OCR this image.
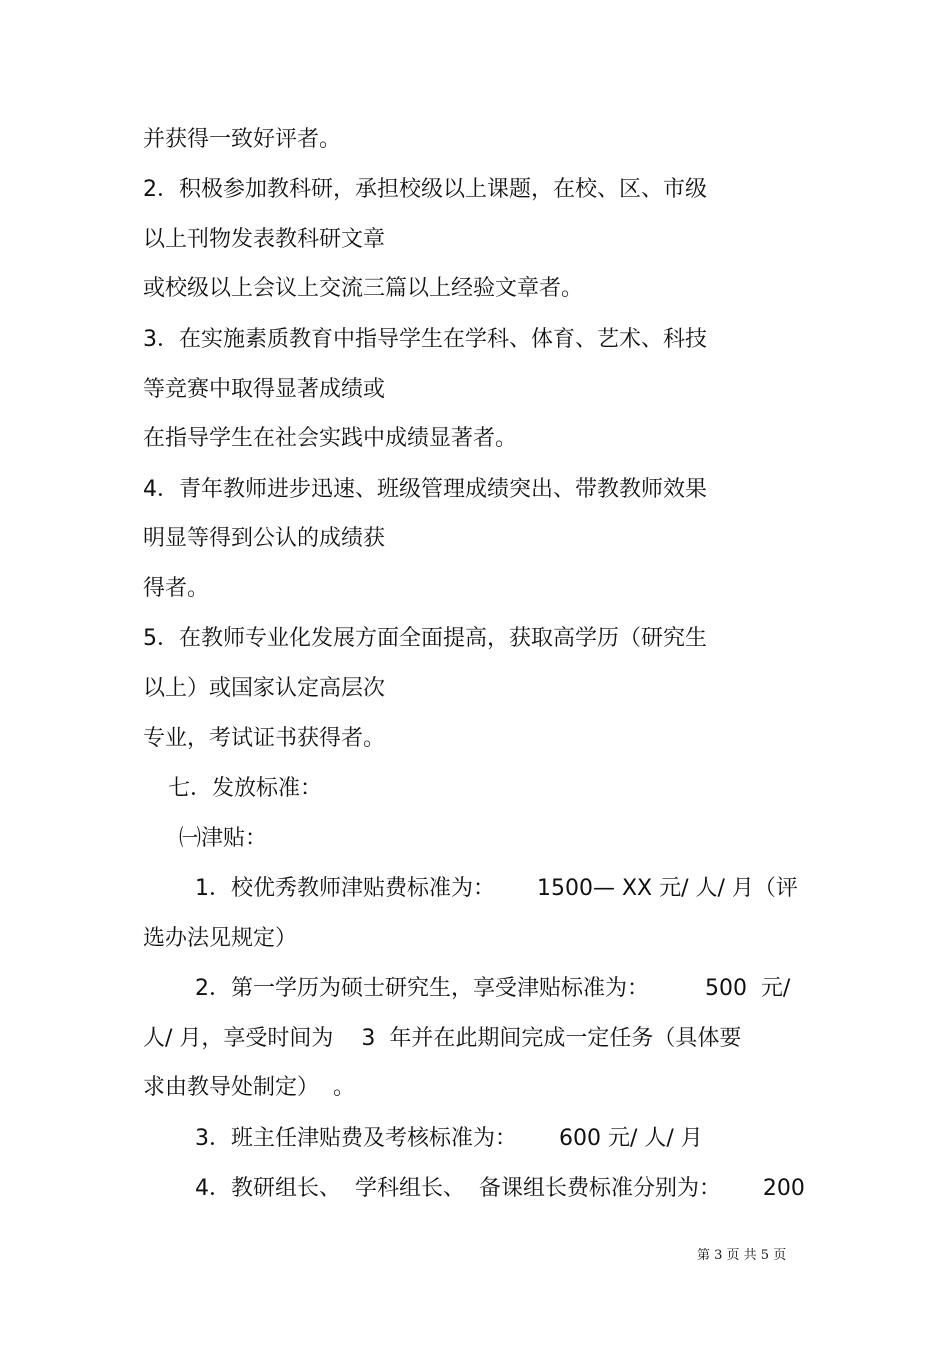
并获得一致好评者。
2．积极参加教科研，承担校级以上课题，在校、区、市级
以上刊物发表教科研文章
或校级以上会议上交流三篇以上经验文章者。
3．在实施素质教育中指导学生在学科、体育、艺术、科技
等竞赛中取得显著成绩或
在指导学生在社会实践中成绩显著者。
4．青年教师进步迅速、班级管理成绩突出、带教教师效果
明显等得到公认的成绩获
得者。
5．在教师专业化发展方面全面提高，获取高学历（研究生
以上）或国家认定高层次
专业，考试证书获得者。
七．发放标准：
㈠津贴：
1．校优秀教师津贴费标准为：      1500— XX 元/ 人/ 月（评
选办法见规定）
2．第一学历为硕士研究生，享受津贴标准为：        500  元/
人/ 月，享受时间为    3  年并在此期间完成一定任务（具体要
求由教导处制定）  。
3．班主任津贴费及考核标准为：      600 元/ 人/ 月
4．教研组长、  学科组长、  备课组长费标准分别为：      200
第 3 页 共 5 页
